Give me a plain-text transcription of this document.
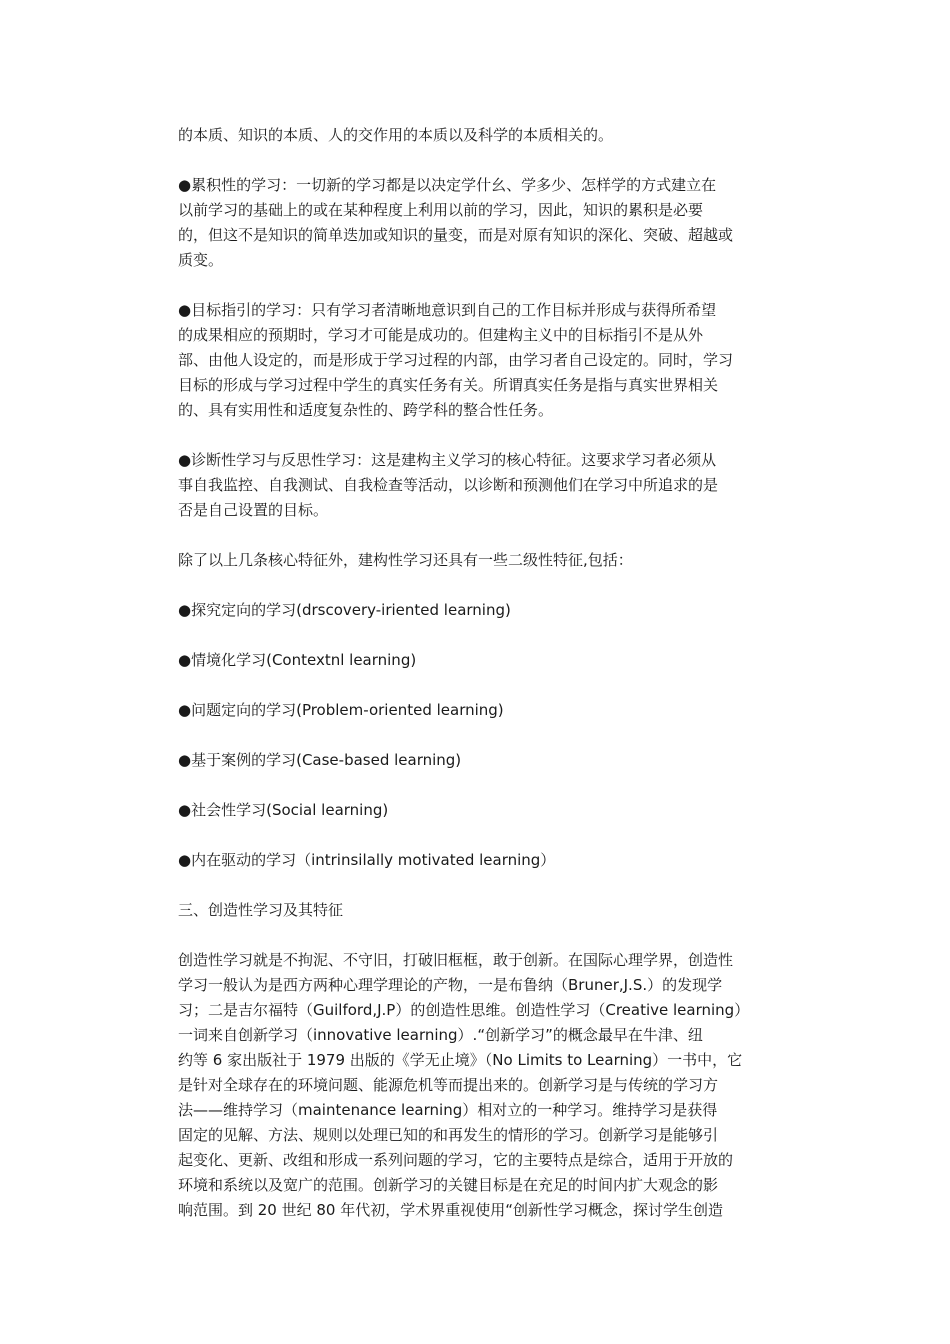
的本质、知识的本质、人的交作用的本质以及科学的本质相关的。

●累积性的学习：一切新的学习都是以决定学什幺、学多少、怎样学的方式建立在
以前学习的基础上的或在某种程度上利用以前的学习，因此，知识的累积是必要
的，但这不是知识的简单迭加或知识的量变，而是对原有知识的深化、突破、超越或
质变。

●目标指引的学习：只有学习者清晰地意识到自己的工作目标并形成与获得所希望
的成果相应的预期时，学习才可能是成功的。但建构主义中的目标指引不是从外
部、由他人设定的，而是形成于学习过程的内部，由学习者自己设定的。同时，学习
目标的形成与学习过程中学生的真实任务有关。所谓真实任务是指与真实世界相关
的、具有实用性和适度复杂性的、跨学科的整合性任务。

●诊断性学习与反思性学习：这是建构主义学习的核心特征。这要求学习者必须从
事自我监控、自我测试、自我检查等活动，以诊断和预测他们在学习中所追求的是
否是自己设置的目标。

除了以上几条核心特征外，建构性学习还具有一些二级性特征,包括：

●探究定向的学习(drscovery-iriented learning)

●情境化学习(Contextnl learning)

●问题定向的学习(Problem-oriented learning)

●基于案例的学习(Case-based learning)

●社会性学习(Social learning)

●内在驱动的学习（intrinsilally motivated learning）

三、创造性学习及其特征

创造性学习就是不拘泥、不守旧，打破旧框框，敢于创新。在国际心理学界，创造性
学习一般认为是西方两种心理学理论的产物，一是布鲁纳（Bruner,J.S.）的发现学
习；二是吉尔福特（Guilford,J.P）的创造性思维。创造性学习（Creative learning）
一词来自创新学习（innovative learning）.“创新学习”的概念最早在牛津、纽
约等 6 家出版社于 1979 出版的《学无止境》（No Limits to Learning）一书中，它
是针对全球存在的环境问题、能源危机等而提出来的。创新学习是与传统的学习方
法——维持学习（maintenance learning）相对立的一种学习。维持学习是获得
固定的见解、方法、规则以处理已知的和再发生的情形的学习。创新学习是能够引
起变化、更新、改组和形成一系列问题的学习，它的主要特点是综合，适用于开放的
环境和系统以及宽广的范围。创新学习的关键目标是在充足的时间内扩大观念的影
响范围。到 20 世纪 80 年代初，学术界重视使用“创新性学习概念，探讨学生创造
